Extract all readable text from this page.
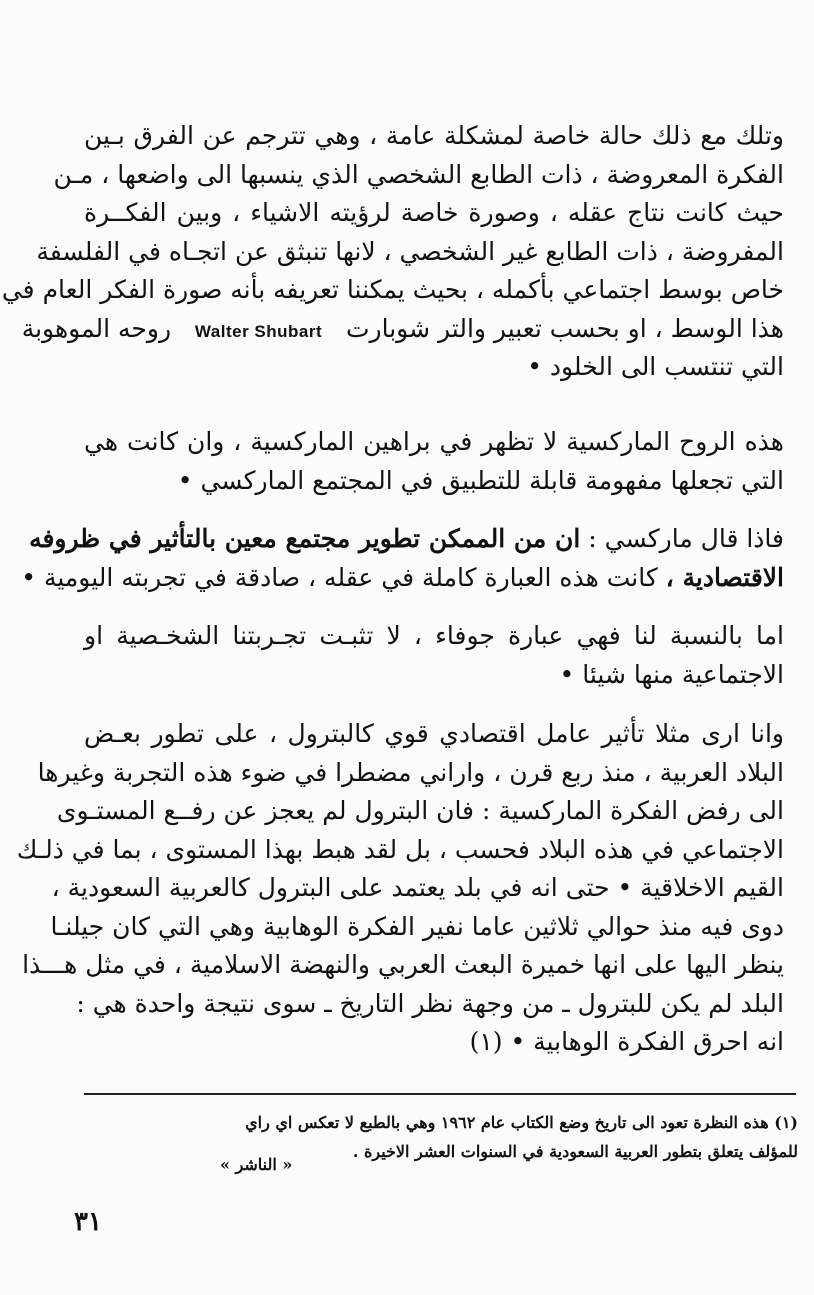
وتلك مع ذلك حالة خاصة لمشكلة عامة ، وهي تترجم عن الفرق بـين
الفكرة المعروضة ، ذات الطابع الشخصي الذي ينسبها الى واضعها ، مـن
حيث كانت نتاج عقله ، وصورة خاصة لرؤيته الاشياء ، وبين الفكــرة
المفروضة ، ذات الطابع غير الشخصي ، لانها تنبثق عن اتجـاه في الفلسفة
خاص بوسط اجتماعي بأكمله ، بحيث يمكننا تعريفه بأنه صورة الفكر العام في
هذا الوسط ، او بحسب تعبير والتر شوبارت   Walter Shubart   روحه الموهوبة
التي تنتسب الى الخلود •
هذه الروح الماركسية لا تظهر في براهين الماركسية ، وان كانت هي
التي تجعلها مفهومة قابلة للتطبيق في المجتمع الماركسي •
فاذا قال ماركسي : ان من الممكن تطوير مجتمع معين بالتأثير في ظروفه
الاقتصادية ، كانت هذه العبارة كاملة في عقله ، صادقة في تجربته اليومية •
اما بالنسبة لنا فهي عبارة جوفاء ، لا تثبـت تجـربتنا الشخـصية او
الاجتماعية منها شيئا •
وانا ارى مثلا تأثير عامل اقتصادي قوي كالبترول ، على تطور بعـض
البلاد العربية ، منذ ربع قرن ، واراني مضطرا في ضوء هذه التجربة وغيرها
الى رفض الفكرة الماركسية : فان البترول لم يعجز عن رفــع المستـوى
الاجتماعي في هذه البلاد فحسب ، بل لقد هبط بهذا المستوى ، بما في ذلـك
القيم الاخلاقية • حتى انه في بلد يعتمد على البترول كالعربية السعودية ،
دوى فيه منذ حوالي ثلاثين عاما نفير الفكرة الوهابية وهي التي كان جيلنـا
ينظر اليها على انها خميرة البعث العربي والنهضة الاسلامية ، في مثل هـــذا
البلد لم يكن للبترول ـ من وجهة نظر التاريخ ـ سوى نتيجة واحدة هي :
انه احرق الفكرة الوهابية • (١)
(١) هذه النظرة تعود الى تاريخ وضع الكتاب عام ١٩٦٢ وهي بالطبع لا تعكس اي راي
للمؤلف يتعلق بتطور العربية السعودية في السنوات العشر الاخيرة .
« الناشر »
٣١
